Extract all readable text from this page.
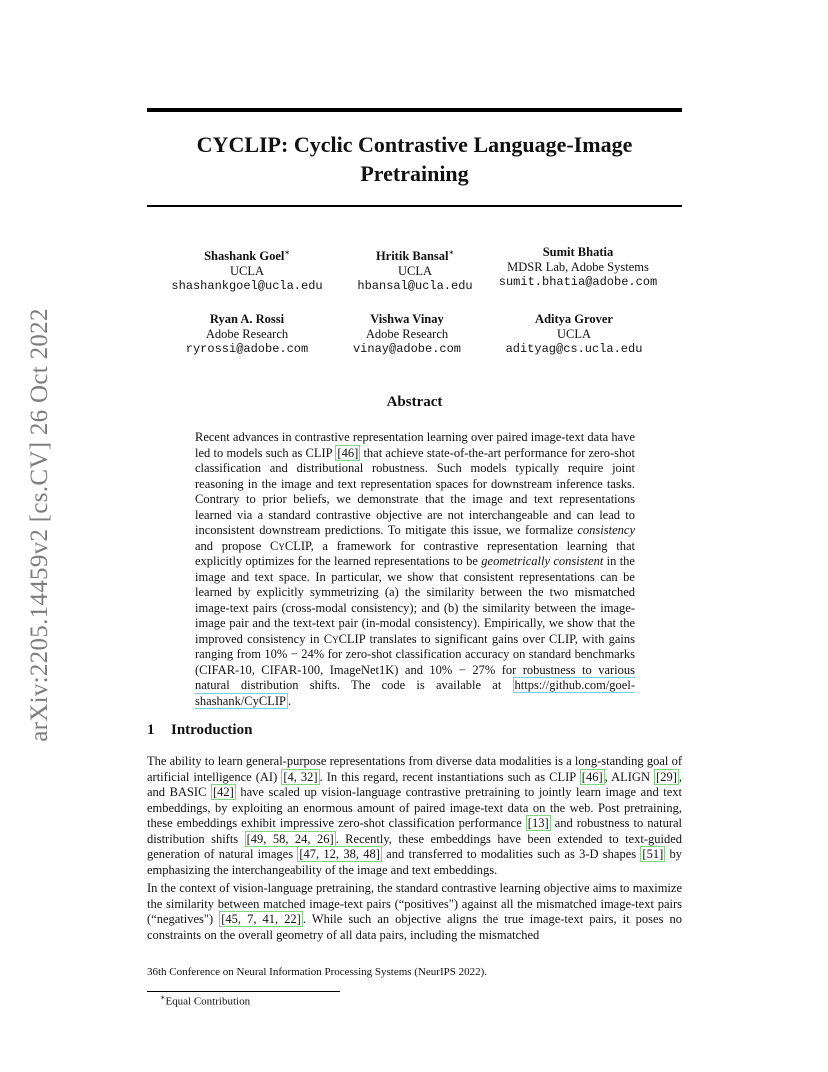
arXiv:2205.14459v2 [cs.CV] 26 Oct 2022
CYCLIP: Cyclic Contrastive Language-Image
Pretraining
Shashank Goel∗
UCLA
shashankgoel@ucla.edu
Hritik Bansal∗
UCLA
hbansal@ucla.edu
Sumit Bhatia
MDSR Lab, Adobe Systems
sumit.bhatia@adobe.com
Ryan A. Rossi
Adobe Research
ryrossi@adobe.com
Vishwa Vinay
Adobe Research
vinay@adobe.com
Aditya Grover
UCLA
adityag@cs.ucla.edu
Abstract
Recent advances in contrastive representation learning over paired image-text data have led to models such as CLIP [46] that achieve state-of-the-art performance for zero-shot classification and distributional robustness. Such models typically require joint reasoning in the image and text representation spaces for downstream inference tasks. Contrary to prior beliefs, we demonstrate that the image and text representations learned via a standard contrastive objective are not interchangeable and can lead to inconsistent downstream predictions. To mitigate this issue, we formalize consistency and propose CyCLIP, a framework for contrastive representation learning that explicitly optimizes for the learned representations to be geometrically consistent in the image and text space. In particular, we show that consistent representations can be learned by explicitly symmetrizing (a) the similarity between the two mismatched image-text pairs (cross-modal consistency); and (b) the similarity between the image-image pair and the text-text pair (in-modal consistency). Empirically, we show that the improved consistency in CyCLIP translates to significant gains over CLIP, with gains ranging from 10% − 24% for zero-shot classification accuracy on standard benchmarks (CIFAR-10, CIFAR-100, ImageNet1K) and 10% − 27% for robustness to various natural distribution shifts. The code is available at https://github.com/goel-shashank/CyCLIP .
1 Introduction
The ability to learn general-purpose representations from diverse data modalities is a long-standing goal of artificial intelligence (AI) [4, 32] . In this regard, recent instantiations such as CLIP [46] , ALIGN [29] , and BASIC [42] have scaled up vision-language contrastive pretraining to jointly learn image and text embeddings, by exploiting an enormous amount of paired image-text data on the web. Post pretraining, these embeddings exhibit impressive zero-shot classification performance [13] and robustness to natural distribution shifts [49, 58, 24, 26] . Recently, these embeddings have been extended to text-guided generation of natural images [47, 12, 38, 48] and transferred to modalities such as 3-D shapes [51] by emphasizing the interchangeability of the image and text embeddings.
In the context of vision-language pretraining, the standard contrastive learning objective aims to maximize the similarity between matched image-text pairs (“positives") against all the mismatched image-text pairs (“negatives") [45, 7, 41, 22] . While such an objective aligns the true image-text pairs, it poses no constraints on the overall geometry of all data pairs, including the mismatched
36th Conference on Neural Information Processing Systems (NeurIPS 2022).
∗Equal Contribution
